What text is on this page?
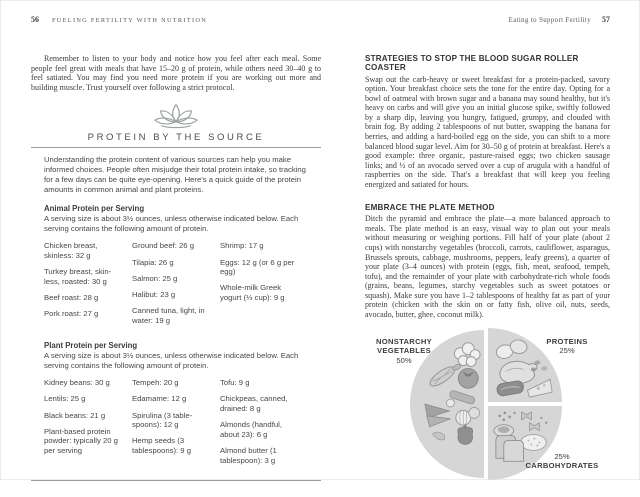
56 FUELING FERTILITY WITH NUTRITION

Remember to listen to your body and notice how you feel after each meal. Some people feel great with meals that have 15–20 g of protein, while others need 30–40 g to feel satiated. You may find you need more protein if you are working out more and building muscle. Trust yourself over following a strict protocol.

PROTEIN BY THE SOURCE

Understanding the protein content of various sources can help you make informed choices. People often misjudge their total protein intake, so tracking for a few days can be quite eye-opening. Here's a quick guide of the protein amounts in common animal and plant proteins.

Animal Protein per Serving

A serving size is about 3½ ounces, unless otherwise indicated below. Each serving contains the following amount of protein.

Chicken breast, skinless: 32 g
Turkey breast, skinless, roasted: 30 g
Beef roast: 28 g
Pork roast: 27 g
Ground beef: 26 g
Tilapia: 26 g
Salmon: 25 g
Halibut: 23 g
Canned tuna, light, in water: 19 g
Shrimp: 17 g
Eggs: 12 g (or 6 g per egg)
Whole-milk Greek yogurt (⅓ cup): 9 g
Plant Protein per Serving

A serving size is about 3½ ounces, unless otherwise indicated below. Each serving contains the following amount of protein.

Kidney beans: 30 g
Lentils: 25 g
Black beans: 21 g
Plant-based protein powder: typically 20 g per serving
Tempeh: 20 g
Edamame: 12 g
Spirulina (3 tablespoons): 12 g
Hemp seeds (3 tablespoons): 9 g
Tofu: 9 g
Chickpeas, canned, drained: 8 g
Almonds (handful, about 23): 6 g
Almond butter (1 tablespoon): 3 g
Eating to Support Fertility 57
STRATEGIES TO STOP THE BLOOD SUGAR ROLLER COASTER

Swap out the carb-heavy or sweet breakfast for a protein-packed, savory option. Your breakfast choice sets the tone for the entire day. Opting for a bowl of oatmeal with brown sugar and a banana may sound healthy, but it's heavy on carbs and will give you an initial glucose spike, swiftly followed by a sharp dip, leaving you hungry, fatigued, grumpy, and clouded with brain fog. By adding 2 tablespoons of nut butter, swapping the banana for berries, and adding a hard-boiled egg on the side, you can shift to a more balanced blood sugar level. Aim for 30–50 g of protein at breakfast. Here's a good example: three organic, pasture-raised eggs; two chicken sausage links; and ½ of an avocado served over a cup of arugula with a handful of raspberries on the side. That's a breakfast that will keep you feeling energized and satiated for hours.

EMBRACE THE PLATE METHOD

Ditch the pyramid and embrace the plate—a more balanced approach to meals. The plate method is an easy, visual way to plan out your meals without measuring or weighing portions. Fill half of your plate (about 2 cups) with nonstarchy vegetables (broccoli, carrots, cauliflower, asparagus, Brussels sprouts, cabbage, mushrooms, peppers, leafy greens), a quarter of your plate (3–4 ounces) with protein (eggs, fish, meat, seafood, tempeh, tofu), and the remainder of your plate with carbohydrate-rich whole foods (grains, beans, legumes, starchy vegetables such as sweet potatoes or squash). Make sure you have 1–2 tablespoons of healthy fat as part of your protein (chicken with the skin on or fatty fish, olive oil, nuts, seeds, avocado, butter, ghee, coconut milk).

NONSTARCHY
VEGETABLES
50%
PROTEINS
25%
25%
CARBOHYDRATES
